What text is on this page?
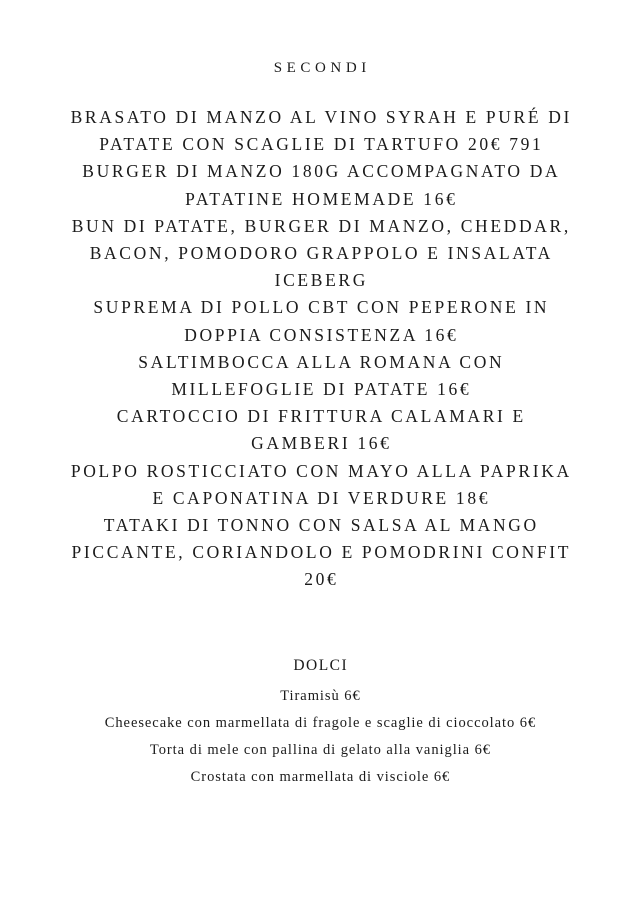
SECONDI
BRASATO DI MANZO AL VINO SYRAH E PURÉ DI
PATATE CON SCAGLIE DI TARTUFO 20€ 791
BURGER DI MANZO 180G ACCOMPAGNATO DA
PATATINE HOMEMADE 16€
BUN DI PATATE, BURGER DI MANZO, CHEDDAR,
BACON, POMODORO GRAPPOLO E INSALATA
ICEBERG
SUPREMA DI POLLO CBT CON PEPERONE IN
DOPPIA CONSISTENZA 16€
SALTIMBOCCA ALLA ROMANA CON
MILLEFOGLIE DI PATATE 16€
CARTOCCIO DI FRITTURA CALAMARI E
GAMBERI 16€
POLPO ROSTICCIATO CON MAYO ALLA PAPRIKA
E CAPONATINA DI VERDURE 18€
TATAKI DI TONNO CON SALSA AL MANGO
PICCANTE, CORIANDOLO E POMODRINI CONFIT
20€
DOLCI
Tiramisù 6€
Cheesecake con marmellata di fragole e scaglie di cioccolato 6€
Torta di mele con pallina di gelato alla vaniglia 6€
Crostata con marmellata di visciole 6€
